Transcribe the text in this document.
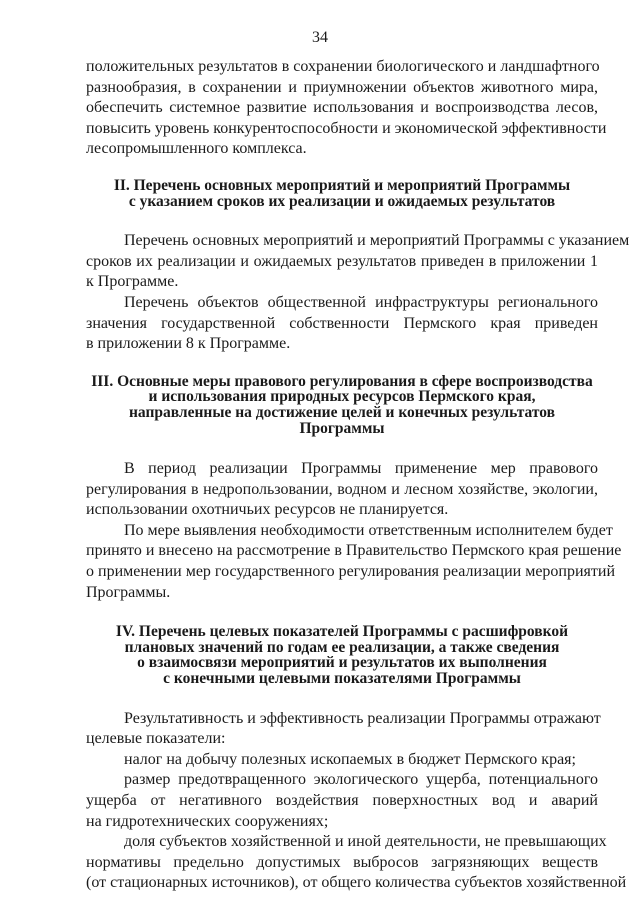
34
положительных результатов в сохранении биологического и ландшафтного
разнообразия, в сохранении и приумножении объектов животного мира,
обеспечить системное развитие использования и воспроизводства лесов,
повысить уровень конкурентоспособности и экономической эффективности
лесопромышленного комплекса.
II. Перечень основных мероприятий и мероприятий Программы
с указанием сроков их реализации и ожидаемых результатов
Перечень основных мероприятий и мероприятий Программы с указанием
сроков их реализации и ожидаемых результатов приведен в приложении 1
к Программе.
Перечень объектов общественной инфраструктуры регионального
значения государственной собственности Пермского края приведен
в приложении 8 к Программе.
III. Основные меры правового регулирования в сфере воспроизводства
и использования природных ресурсов Пермского края,
направленные на достижение целей и конечных результатов
Программы
В период реализации Программы применение мер правового
регулирования в недропользовании, водном и лесном хозяйстве, экологии,
использовании охотничьих ресурсов не планируется.
По мере выявления необходимости ответственным исполнителем будет
принято и внесено на рассмотрение в Правительство Пермского края решение
о применении мер государственного регулирования реализации мероприятий
Программы.
IV. Перечень целевых показателей Программы с расшифровкой
плановых значений по годам ее реализации, а также сведения
о взаимосвязи мероприятий и результатов их выполнения
с конечными целевыми показателями Программы
Результативность и эффективность реализации Программы отражают
целевые показатели:
налог на добычу полезных ископаемых в бюджет Пермского края;
размер предотвращенного экологического ущерба, потенциального
ущерба от негативного воздействия поверхностных вод и аварий
на гидротехнических сооружениях;
доля субъектов хозяйственной и иной деятельности, не превышающих
нормативы предельно допустимых выбросов загрязняющих веществ
(от стационарных источников), от общего количества субъектов хозяйственной
